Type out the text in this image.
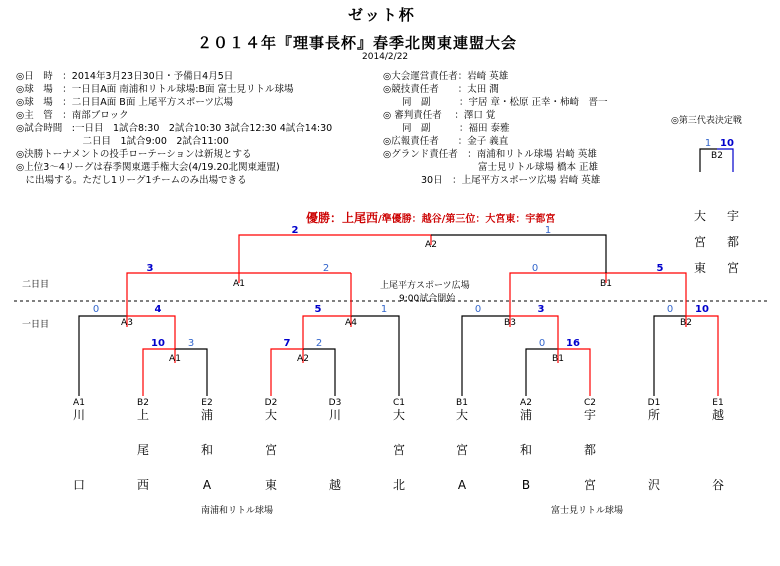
ゼット杯
２０１４年『理事長杯』春季北関東連盟大会
2014/2/22
◎日　時　：2014年3月23日30日・予備日4月5日
◎球　場　：一日目A面 南浦和リトル球場:B面 富士見リトル球場
◎球　場　：二日目A面 B面 上尾平方スポーツ広場
◎主　管　：南部ブロック
◎試合時間　:一日目　1試合8:30　2試合10:30 3試合12:30 4試合14:30
　　　　　　　二日目　1試合9:00　2試合11:00
◎決勝トーナメントの投手ローテーションは新規とする
◎上位3～4リーグは春季関東選手権大会(4/19.20北関東連盟)
　に出場する。ただし1リーグ1チームのみ出場できる
◎大会運営責任者：岩崎 英雄
◎競技責任者　　：太田 潤
　　同　副　　　：宇居 章・松原 正幸・柿崎　晋一
◎ 審判責任者　 ：澤口 覚
　　同　副　　　：福田 泰雅
◎広報責任者　　：金子 義直
◎グランド責任者　：南浦和リトル球場 岩崎 英雄
　　　　　　　　　　富士見リトル球場 橋本 正雄
　　　　30日　：上尾平方スポーツ広場 岩崎 英雄
◎第三代表決定戦
優勝：上尾西/準優勝：越谷/第三位：大宮東：宇都宮
二日目
一日目
上尾平方スポーツ広場
9:00試合開始
A2
A1	B1
A3	A4	B3	B2
A1	A2	B1
B2
2	1
3	2	0	5
0	4	5	1	0	3	0 10
10 3	7	2	0 16
1 10
大
宮
東
宇
都
宮
A1	B2	E2	D2	D3	C1	B1	A2	C2	D1	E1
川
口
上
尾
西
浦
和
A
大
宮
東
川
越
大
宮
北
大
宮
A
浦
和
B
宇
都
宮
所
沢
越
谷
南浦和リトル球場	富士見リトル球場
